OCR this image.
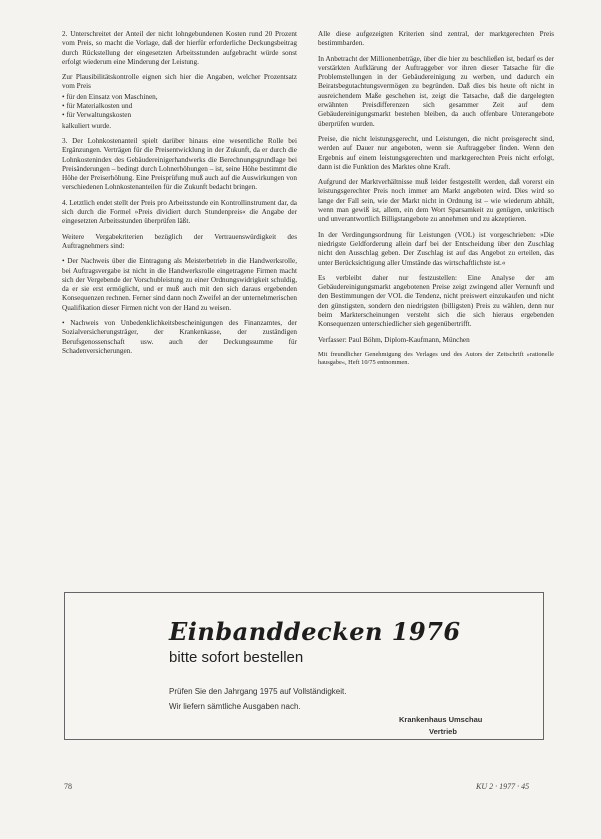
2. Unterschreitet der Anteil der nicht lohngebundenen Kosten rund 20 Prozent vom Preis, so macht die Vorlage, daß der hierfür erforderliche Deckungsbeitrag durch Rückstellung der eingesetzten Arbeitsstunden aufgebracht würde sonst erfolgt wiederum eine Minderung der Leistung.

Zur Plausibilitätskontrolle eignen sich hier die Angaben, welcher Prozentsatz vom Preis

• für den Einsatz von Maschinen,
• für Materialkosten und
• für Verwaltungskosten

kalkuliert wurde.

3. Der Lohnkostenanteil spielt darüber hinaus eine wesentliche Rolle bei Ergänzungen. Verträgen für die Preisentwicklung in der Zukunft, da er durch die Lohnkostenindex des Gebäudereinigerhandwerks die Berechnungsgrundlage bei Preisänderungen – bedingt durch Lohnerhöhungen – ist, seine Höhe bestimmt die Höhe der Preiserhöhung. Eine Preisprüfung muß auch auf die Auswirkungen von verschiedenen Lohnkostenanteilen für die Zukunft bedacht bringen.

4. Letztlich endet stellt der Preis pro Arbeitsstunde ein Kontrollinstrument dar, da sich durch die Formel »Preis dividiert durch Stundenpreis« die Angabe der eingesetzten Arbeitsstunden überprüfen läßt.

Weitere Vergabekriterien bezüglich der Vertrauenswürdigkeit des Auftragnehmers sind:

• Der Nachweis über die Eintragung als Meisterbetrieb in die Handwerksrolle, bei Auftragsvergabe ist nicht in die Handwerksrolle eingetragene Firmen macht sich der Vergebende der Vorschubleistung zu einer Ordnungswidrigkeit schuldig, da er sie erst ermöglicht, und er muß auch mit den sich daraus ergebenden Konsequenzen rechnen. Ferner sind dann noch Zweifel an der unternehmerischen Qualifikation dieser Firmen nicht von der Hand zu weisen.

• Nachweis von Unbedenklichkeitsbescheinigungen des Finanzamtes, der Sozialversicherungsträger, der Krankenkasse, der zuständigen Berufsgenossenschaft usw. auch der Deckungssumme für Schadenversicherungen.

Alle diese aufgezeigten Kriterien sind zentral, der marktgerechten Preis bestimmbarden.

In Anbetracht der Millionenbeträge, über die hier zu beschließen ist, bedarf es der verstärkten Aufklärung der Auftraggeber vor ihren dieser Tatsache für die Problemstellungen in der Gebäudereinigung zu werben, und dadurch ein Beiratsbegutachtungsvermögen zu begründen. Daß dies bis heute oft nicht in ausreichendem Maße geschehen ist, zeigt die Tatsache, daß die dargelegten erwähnten Preisdifferenzen sich gesammer Zeit auf dem Gebäudereinigungsmarkt bestehen bleiben, da auch offenbare Unterangebote überprüfen wurden.

Preise, die nicht leistungsgerecht, und Leistungen, die nicht preisgerecht sind, werden auf Dauer nur angeboten, wenn sie Auftraggeber finden. Wenn den Ergebnis auf einem leistungsgerechten und marktgerechten Preis nicht erfolgt, dann ist die Funktion des Marktes ohne Kraft.

Aufgrund der Marktverhältnisse muß leider festgestellt werden, daß vorerst ein leistungsgerechter Preis noch immer am Markt angeboten wird. Dies wird so lange der Fall sein, wie der Markt nicht in Ordnung ist – wie wiederum abhält, wenn man gewiß ist, allem, ein dem Wort Sparsamkeit zu genügen, unkritisch und unverantwortlich Billigstangebote zu annehmen und zu akzeptieren.

In der Verdingungsordnung für Leistungen (VOL) ist vorgeschrieben: »Die niedrigste Geldforderung allein darf bei der Entscheidung über den Zuschlag nicht den Ausschlag geben. Der Zuschlag ist auf das Angebot zu erteilen, das unter Berücksichtigung aller Umstände das wirtschaftlichste ist.«

Es verbleibt daher nur festzustellen: Eine Analyse der am Gebäudereinigungsmarkt angebotenen Preise zeigt zwingend aller Vernunft und den Bestimmungen der VOL die Tendenz, nicht preiswert einzukaufen und nicht den günstigsten, sondern den niedrigsten (billigsten) Preis zu wählen, denn nur beim Markterscheinungen versteht sich die sich hieraus ergebenden Konsequenzen unterschiedlicher sieh gegenübertrifft.

Verfasser: Paul Böhm, Diplom-Kaufmann, München

Mit freundlicher Genehmigung des Verlages und des Autors der Zeitschrift »rationelle hausgabe«, Heft 10/75 entnommen.

Einbanddecken 1976
bitte sofort bestellen
Prüfen Sie den Jahrgang 1975 auf Vollständigkeit.
Wir liefern sämtliche Ausgaben nach.
Krankenhaus Umschau
Vertrieb
78	KU 2 · 1977 · 45
